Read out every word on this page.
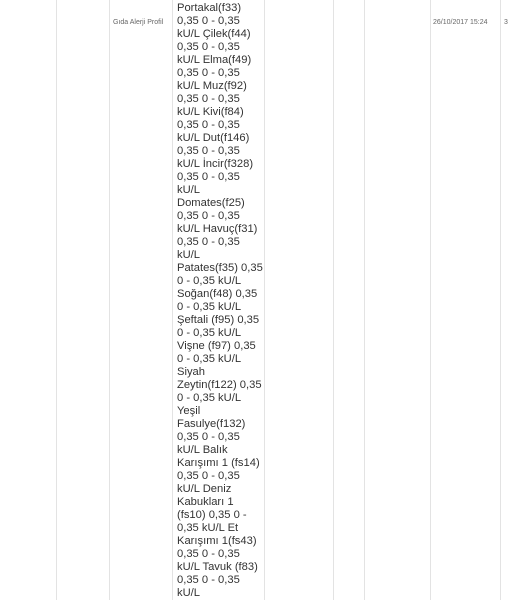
Gıda Alerji Profil
Portakal(f33) 0,35 0 - 0,35 kU/L Çilek(f44) 0,35 0 - 0,35 kU/L Elma(f49) 0,35 0 - 0,35 kU/L Muz(f92) 0,35 0 - 0,35 kU/L Kivi(f84) 0,35 0 - 0,35 kU/L Dut(f146) 0,35 0 - 0,35 kU/L İncir(f328) 0,35 0 - 0,35 kU/L Domates(f25) 0,35 0 - 0,35 kU/L Havuç(f31) 0,35 0 - 0,35 kU/L Patates(f35) 0,35 0 - 0,35 kU/L Soğan(f48) 0,35 0 - 0,35 kU/L Şeftali (f95) 0,35 0 - 0,35 kU/L Vişne (f97) 0,35 0 - 0,35 kU/L Siyah Zeytin(f122) 0,35 0 - 0,35 kU/L Yeşil Fasulye(f132) 0,35 0 - 0,35 kU/L Balık Karışımı 1 (fs14) 0,35 0 - 0,35 kU/L Deniz Kabukları 1 (fs10) 0,35 0 - 0,35 kU/L Et Karışımı 1(fs43) 0,35 0 - 0,35 kU/L Tavuk (f83) 0,35 0 - 0,35 kU/L
26/10/2017 15:24 3
